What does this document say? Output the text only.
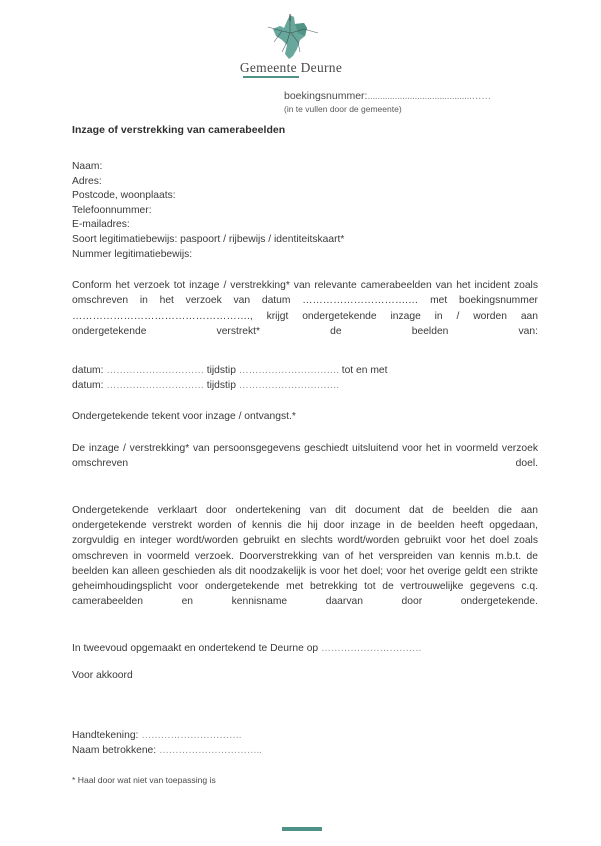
Gemeente Deurne
boekingsnummer:..........................................……
(in te vullen door de gemeente)
Inzage of verstrekking van camerabeelden
Naam:
Adres:
Postcode, woonplaats:
Telefoonnummer:
E-mailadres:
Soort legitimatiebewijs: paspoort / rijbewijs / identiteitskaart*
Nummer legitimatiebewijs:

Conform het verzoek tot inzage / verstrekking* van relevante camerabeelden van het incident zoals omschreven in het verzoek van datum ………………………….… met boekingsnummer ……………………………………………., krijgt ondergetekende inzage in / worden aan ondergetekende verstrekt* de beelden van:

datum: ………………………… tijdstip …………………………. tot en met
datum: ………………………… tijdstip ………………………….

Ondergetekende tekent voor inzage / ontvangst.*

De inzage / verstrekking* van persoonsgegevens geschiedt uitsluitend voor het in voormeld verzoek omschreven doel.

Ondergetekende verklaart door ondertekening van dit document dat de beelden die aan ondergetekende verstrekt worden of kennis die hij door inzage in de beelden heeft opgedaan, zorgvuldig en integer wordt/worden gebruikt en slechts wordt/worden gebruikt voor het doel zoals omschreven in voormeld verzoek. Doorverstrekking van of het verspreiden van kennis m.b.t. de beelden kan alleen geschieden als dit noodzakelijk is voor het doel; voor het overige geldt een strikte geheimhoudingsplicht voor ondergetekende met betrekking tot de vertrouwelijke gegevens c.q. camerabeelden en kennisname daarvan door ondergetekende.

In tweevoud opgemaakt en ondertekend te Deurne op ………………………….
Voor akkoord
Handtekening: ………………………….
Naam betrokkene: …………………………..
* Haal door wat niet van toepassing is
